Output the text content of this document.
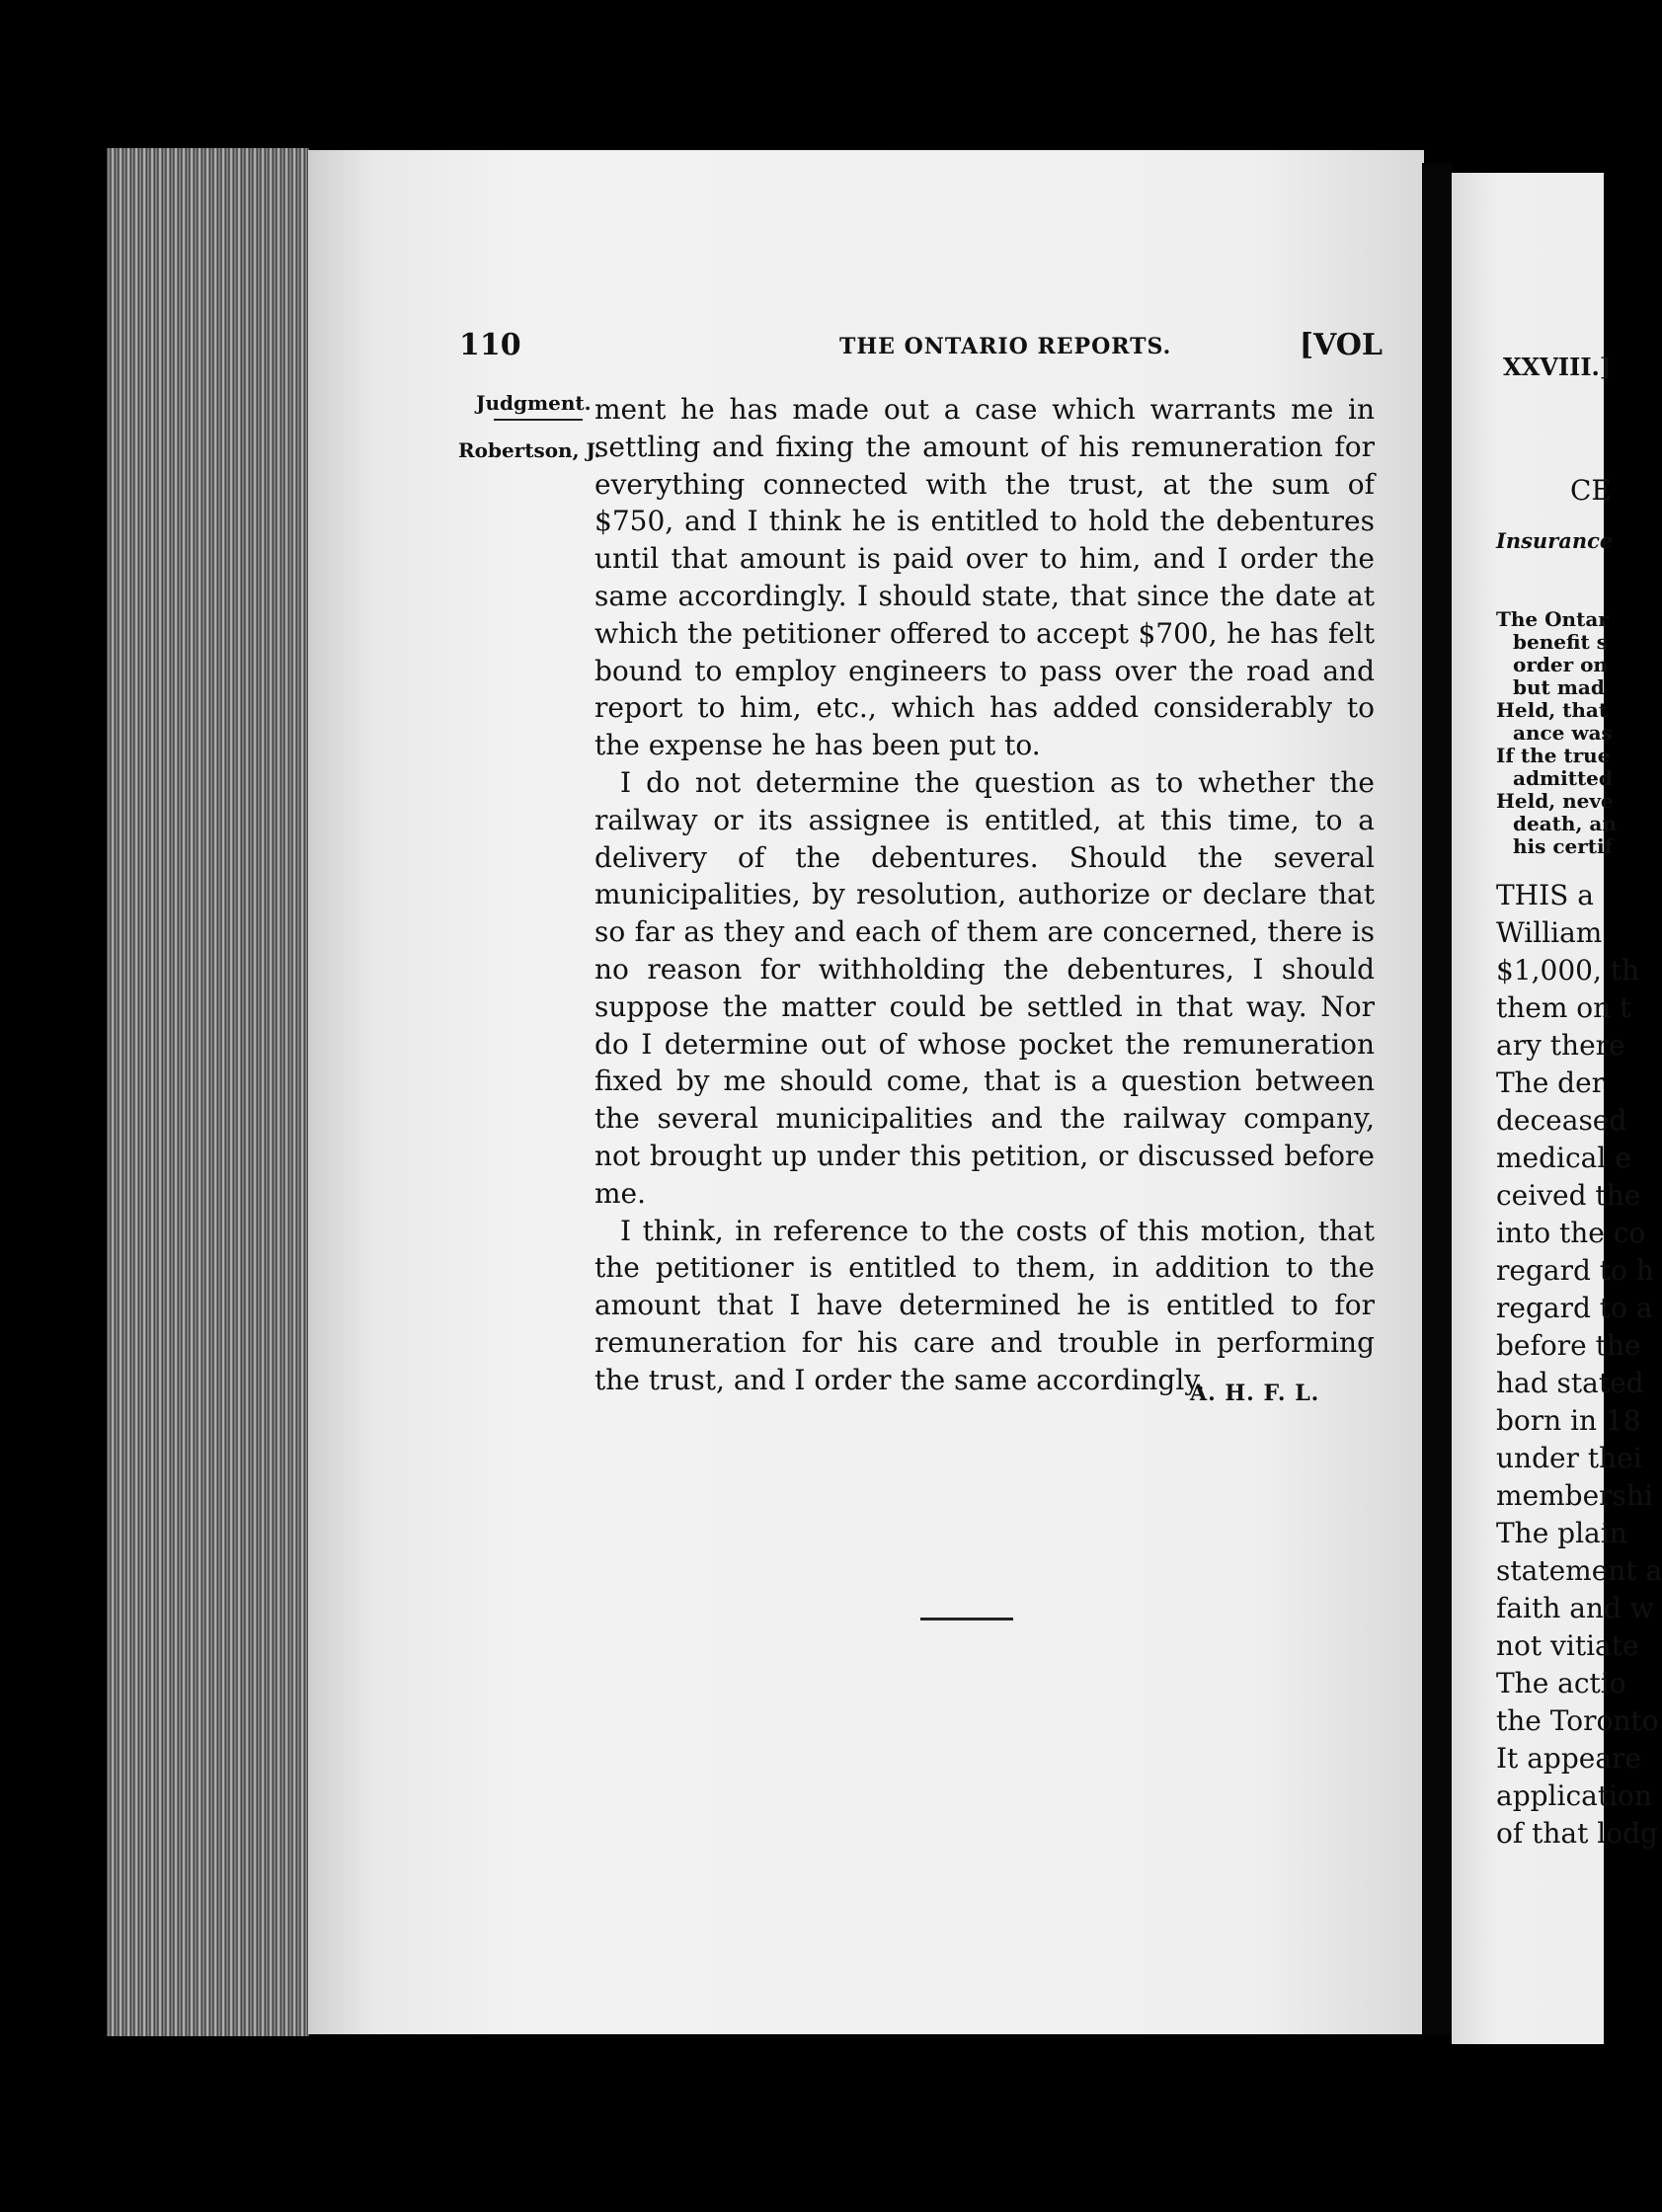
110	THE ONTARIO REPORTS.	[VOL
Judgment.
Robertson, J.

ment he has made out a case which warrants me in settling and fixing the amount of his remuneration for everything connected with the trust, at the sum of $750, and I think he is entitled to hold the debentures until that amount is paid over to him, and I order the same accordingly. I should state, that since the date at which the petitioner offered to accept $700, he has felt bound to employ engineers to pass over the road and report to him, etc., which has added considerably to the expense he has been put to.

I do not determine the question as to whether the railway or its assignee is entitled, at this time, to a delivery of the debentures. Should the several municipalities, by resolution, authorize or declare that so far as they and each of them are concerned, there is no reason for withholding the debentures, I should suppose the matter could be settled in that way. Nor do I determine out of whose pocket the remuneration fixed by me should come, that is a question between the several municipalities and the railway company, not brought up under this petition, or discussed before me.

I think, in reference to the costs of this motion, that the petitioner is entitled to them, in addition to the amount that I have determined he is entitled to for remuneration for his care and trouble in performing the trust, and I order the same accordingly.

A. H. F. L.
XXVIII.]
CE
Insurance
The Ontar
benefit s
order on
but mad
Held, that
ance was
If the true
admitted
Held, neve
death, an
his certif
THIS a
William
$1,000, th
them on t
ary there
The der
deceased
medical e
ceived the
into the co
regard to h
regard to a
before the
had stated
born in 18
under thei
membershi
The plain
statement a
faith and w
not vitiate
The actio
the Toronto
It appeare
application
of that lodg
